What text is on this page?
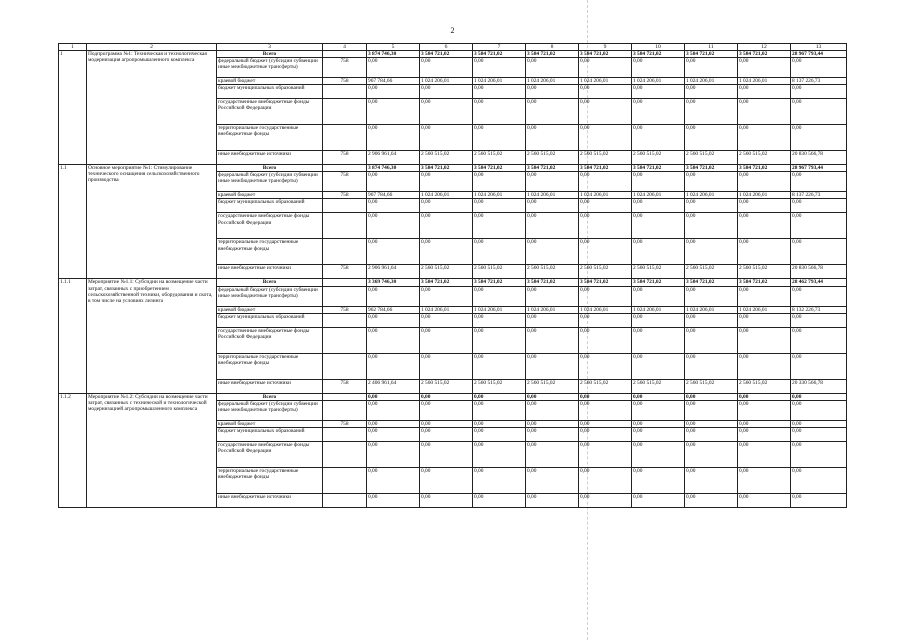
2
1	2	3	4	5	6	7	8	9	10	11	12	13
1	Подпрограмма №1: Техническая и технологическая модернизация агропромышленного комплекса	Всего		3 874 746,30	3 584 721,02	3 584 721,02	3 584 721,02	3 584 721,02	3 584 721,02	3 584 721,02	3 584 721,02	28 967 793,44
		федеральный бюджет (субсидии субвенции иные межбюджетные трансферты)	758	0,00	0,00	0,00	0,00	0,00	0,00	0,00	0,00	0,00
		краевой бюджет	758	967 784,66	1 024 206,01	1 024 206,01	1 024 206,01	1 024 206,01	1 024 206,01	1 024 206,01	1 024 206,01	8 137 226,73
		бюджет муниципальных образований		0,00	0,00	0,00	0,00	0,00	0,00	0,00	0,00	0,00
		государственные внебюджетные фонды Российской Федерации		0,00	0,00	0,00	0,00	0,00	0,00	0,00	0,00	0,00
		территориальные государственные внебюджетные фонды		0,00	0,00	0,00	0,00	0,00	0,00	0,00	0,00	0,00
		иные внебюджетные источники	758	2 906 961,64	2 560 515,02	2 560 515,02	2 560 515,02	2 560 515,02	2 560 515,02	2 560 515,02	2 560 515,02	20 830 566,78
1.1	Основное мероприятие №1: Стимулирование технического оснащения сельскохозяйственного производства	Всего		3 874 746,30	3 584 721,02	3 584 721,02	3 584 721,02	3 584 721,02	3 584 721,02	3 584 721,02	3 584 721,02	28 967 793,44
		федеральный бюджет (субсидии субвенции иные межбюджетные трансферты)	758	0,00	0,00	0,00	0,00	0,00	0,00	0,00	0,00	0,00
		краевой бюджет	758	967 784,66	1 024 206,01	1 024 206,01	1 024 206,01	1 024 206,01	1 024 206,01	1 024 206,01	1 024 206,01	8 137 226,73
		бюджет муниципальных образований		0,00	0,00	0,00	0,00	0,00	0,00	0,00	0,00	0,00
		государственные внебюджетные фонды Российской Федерации		0,00	0,00	0,00	0,00	0,00	0,00	0,00	0,00	0,00
		территориальные государственные внебюджетные фонды		0,00	0,00	0,00	0,00	0,00	0,00	0,00	0,00	0,00
		иные внебюджетные источники	758	2 906 961,64	2 560 515,02	2 560 515,02	2 560 515,02	2 560 515,02	2 560 515,02	2 560 515,02	2 560 515,02	20 830 566,78
1.1.1	Мероприятие №1.1: Субсидии на возмещение части затрат, связанных с приобретением сельскохозяйственной техники, оборудования и скота, в том числе на условиях лизинга	Всего		3 369 746,30	3 584 721,02	3 584 721,02	3 584 721,02	3 584 721,02	3 584 721,02	3 584 721,02	3 584 721,02	28 462 793,44
		федеральный бюджет (субсидии субвенции иные межбюджетные трансферты)		0,00	0,00	0,00	0,00	0,00	0,00	0,00	0,00	0,00
		краевой бюджет	758	962 784,66	1 024 206,01	1 024 206,01	1 024 206,01	1 024 206,01	1 024 206,01	1 024 206,01	1 024 206,01	8 132 226,73
		бюджет муниципальных образований		0,00	0,00	0,00	0,00	0,00	0,00	0,00	0,00	0,00
		государственные внебюджетные фонды Российской Федерации		0,00	0,00	0,00	0,00	0,00	0,00	0,00	0,00	0,00
		территориальные государственные внебюджетные фонды		0,00	0,00	0,00	0,00	0,00	0,00	0,00	0,00	0,00
		иные внебюджетные источники	758	2 406 961,64	2 560 515,02	2 560 515,02	2 560 515,02	2 560 515,02	2 560 515,02	2 560 515,02	2 560 515,02	20 330 566,78
1.1.2	Мероприятие №1.2: Субсидии на возмещение части затрат, связанных с технической и технологической модернизацией агропромышленного комплекса	Всего		0,00	0,00	0,00	0,00	0,00	0,00	0,00	0,00	0,00
		федеральный бюджет (субсидии субвенции иные межбюджетные трансферты)		0,00	0,00	0,00	0,00	0,00	0,00	0,00	0,00	0,00
		краевой бюджет	758	0,00	0,00	0,00	0,00	0,00	0,00	0,00	0,00	0,00
		бюджет муниципальных образований		0,00	0,00	0,00	0,00	0,00	0,00	0,00	0,00	0,00
		государственные внебюджетные фонды Российской Федерации		0,00	0,00	0,00	0,00	0,00	0,00	0,00	0,00	0,00
		территориальные государственные внебюджетные фонды		0,00	0,00	0,00	0,00	0,00	0,00	0,00	0,00	0,00
		иные внебюджетные источники		0,00	0,00	0,00	0,00	0,00	0,00	0,00	0,00	0,00
